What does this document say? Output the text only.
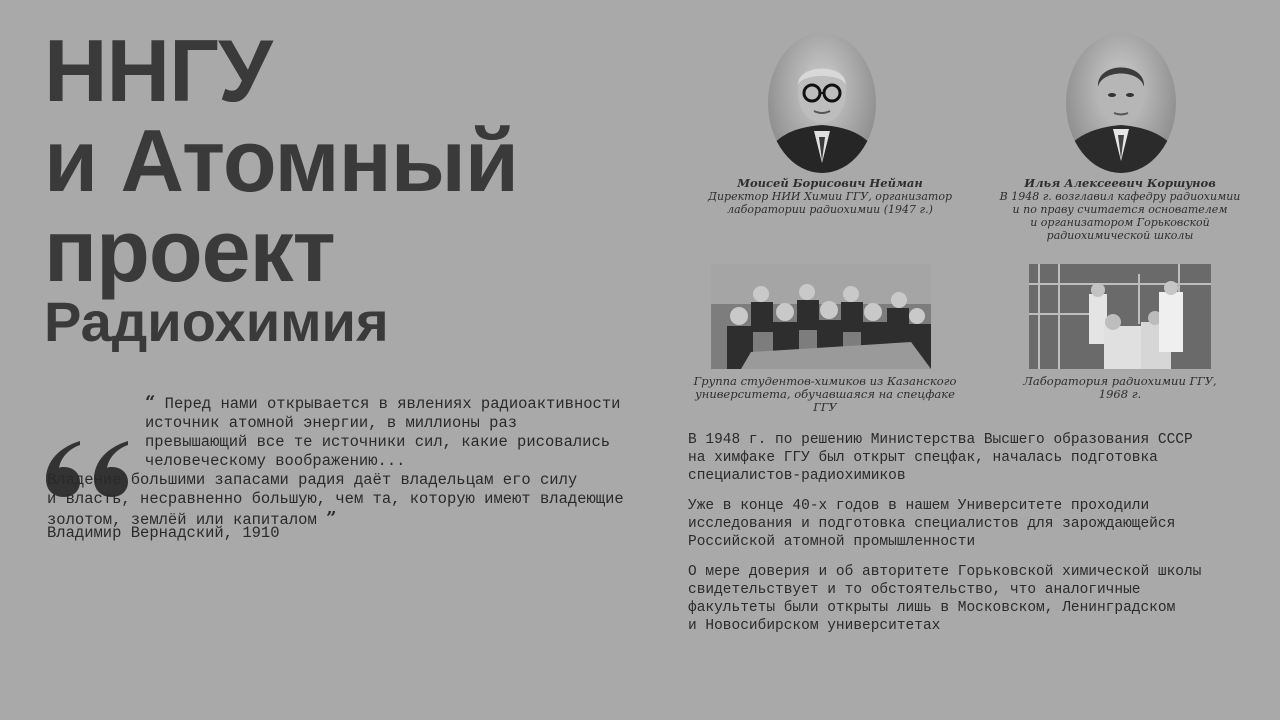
ННГУ
и Атомный
проект
Радиохимия
“ Перед нами открывается в явлениях радиоактивности
источник атомной энергии, в миллионы раз
превышающий все те источники сил, какие рисовались
человеческому воображению...
Владение большими запасами радия даёт владельцам его силу
и власть, несравненно большую, чем та, которую имеют владеющие
золотом, землёй или капиталом ”
Владимир Вернадский, 1910
Моисей Борисович Нейман
Директор НИИ Химии ГГУ, организатор
лаборатории радиохимии (1947 г.)
Илья Алексеевич Коршунов
В 1948 г. возглавил кафедру радиохимии
и по праву считается основателем
и организатором Горьковской
радиохимической школы
Группа студентов-химиков из Казанского
университета, обучавшаяся на спецфаке ГГУ
Лаборатория радиохимии ГГУ,
1968 г.
В 1948 г. по решению Министерства Высшего образования СССР
на химфаке ГГУ был открыт спецфак, началась подготовка
специалистов-радиохимиков
Уже в конце 40-х годов в нашем Университете проходили
исследования и подготовка специалистов для зарождающейся
Российской атомной промышленности
О мере доверия и об авторитете Горьковской химической школы
свидетельствует и то обстоятельство, что аналогичные
факультеты были открыты лишь в Московском, Ленинградском
и Новосибирском университетах
